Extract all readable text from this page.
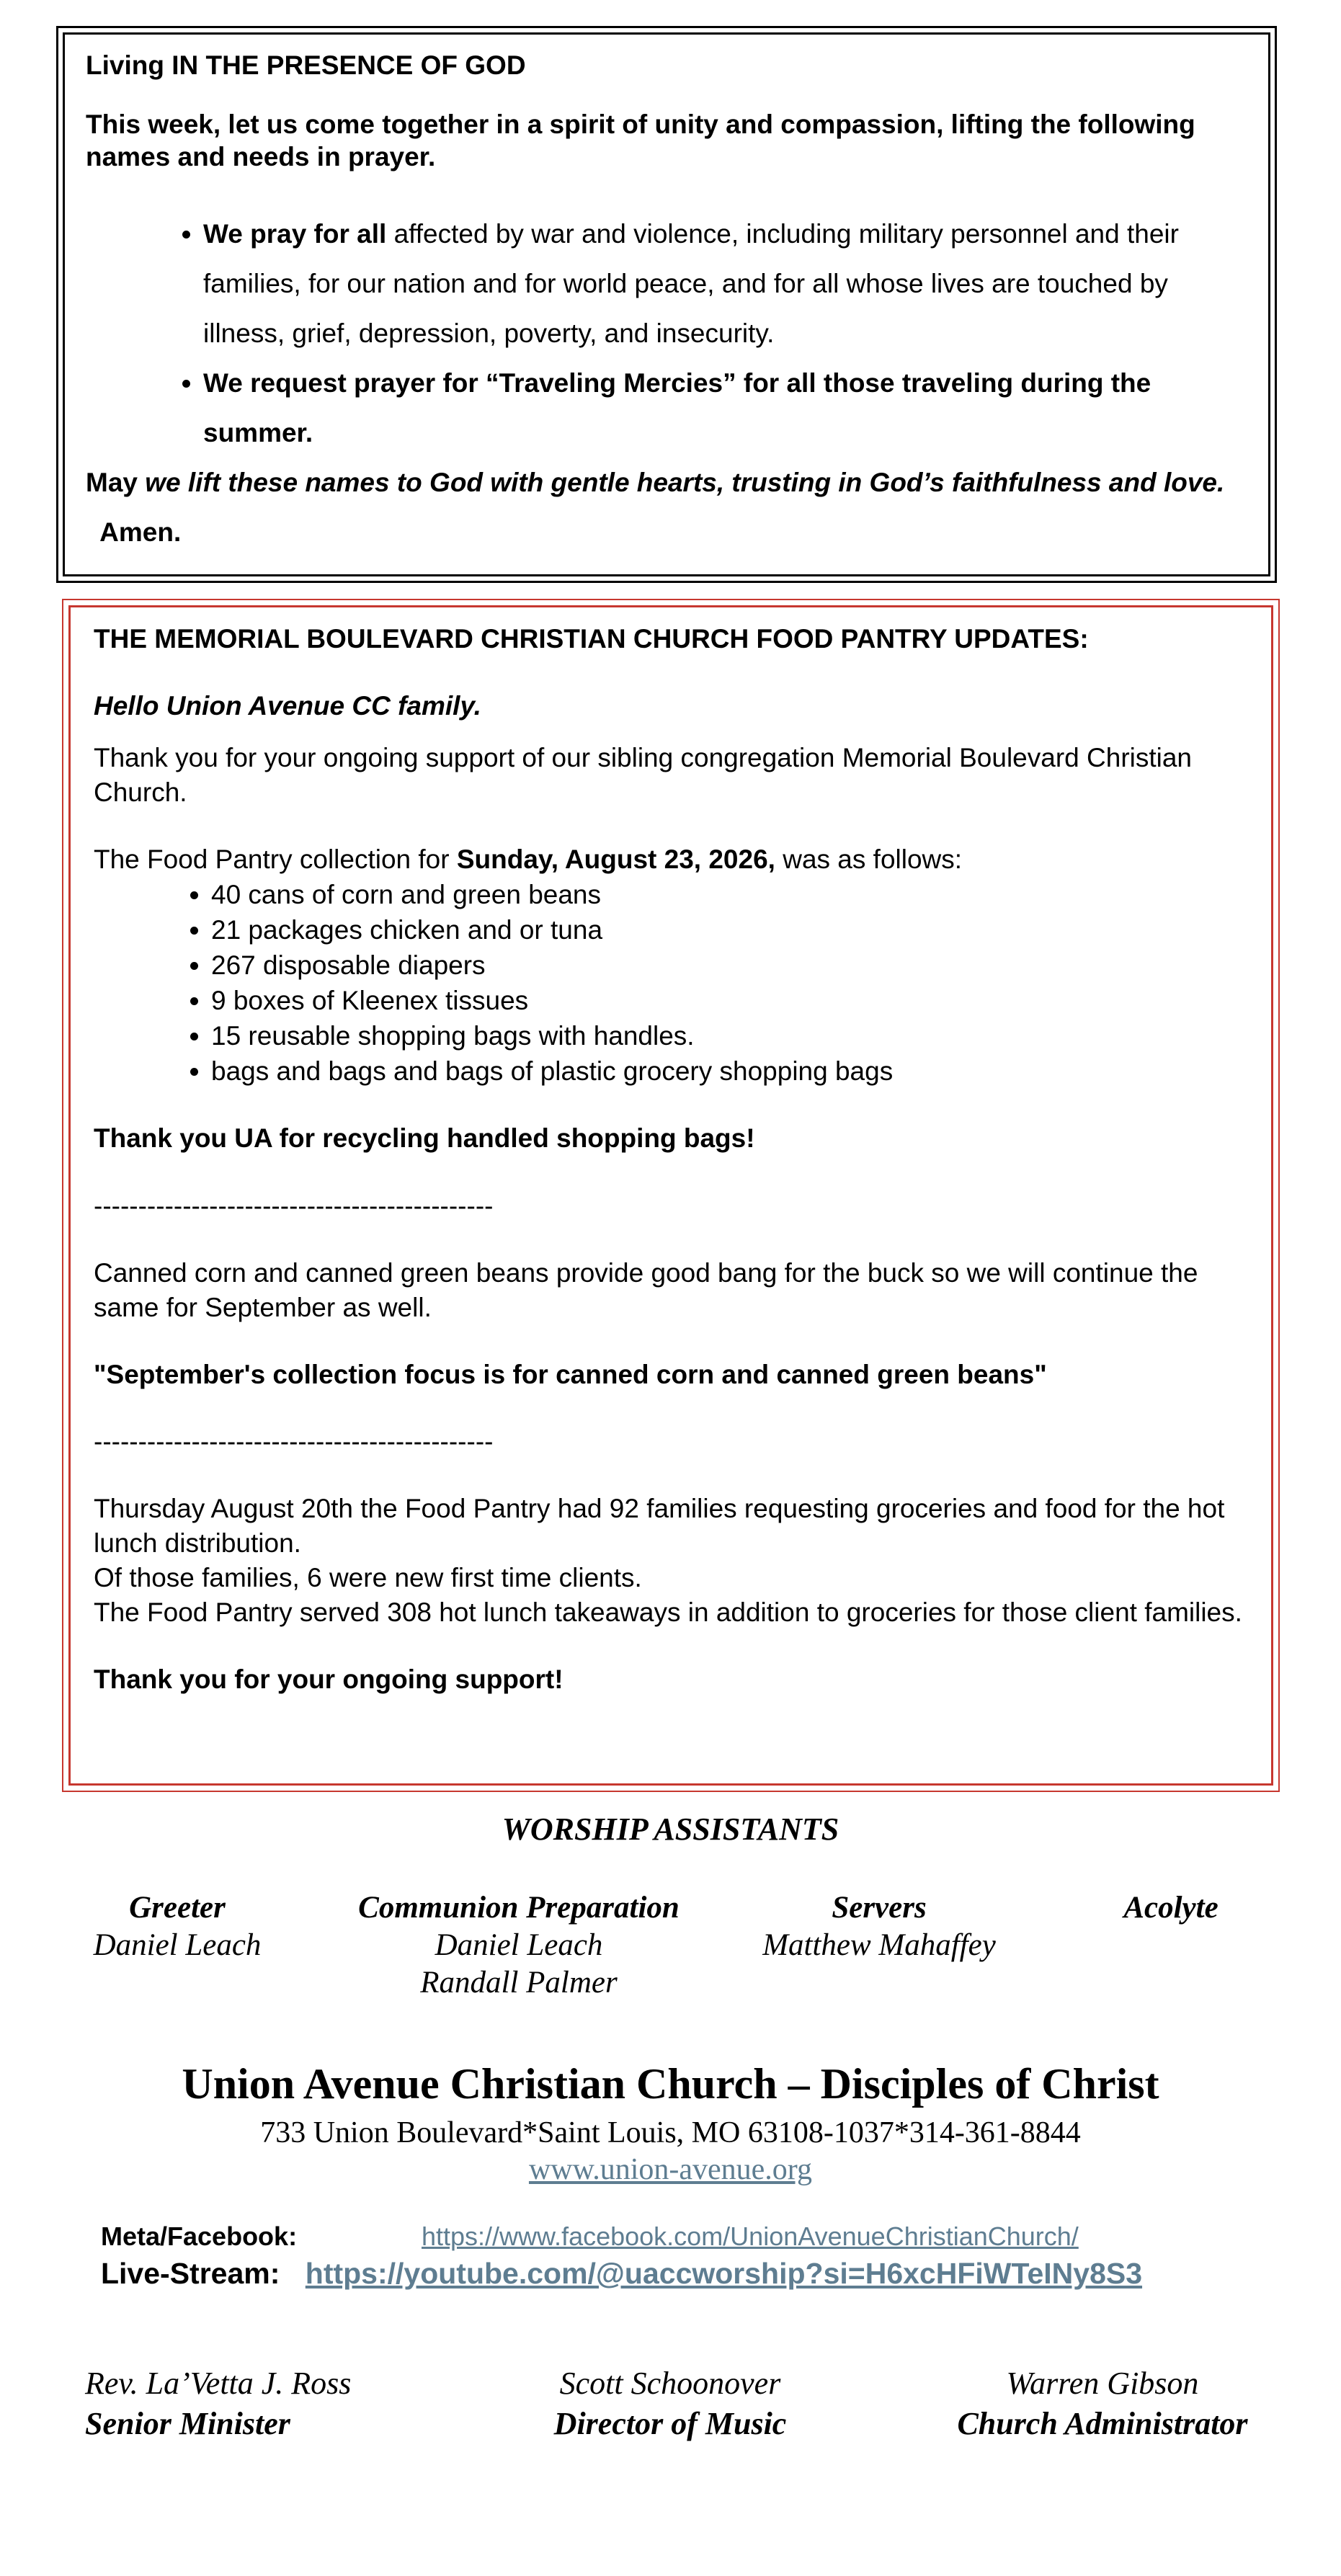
Living IN THE PRESENCE OF GOD
This week, let us come together in a spirit of unity and compassion, lifting the following names and needs in prayer.
• We pray for all affected by war and violence, including military personnel and their families, for our nation and for world peace, and for all whose lives are touched by illness, grief, depression, poverty, and insecurity.
• We request prayer for “Traveling Mercies” for all those traveling during the summer.
May we lift these names to God with gentle hearts, trusting in God’s faithfulness and love.  Amen.

THE MEMORIAL BOULEVARD CHRISTIAN CHURCH FOOD PANTRY UPDATES:

Hello Union Avenue CC family.

Thank you for your ongoing support of our sibling congregation Memorial Boulevard Christian Church.

The Food Pantry collection for Sunday, August 23, 2026, was as follows:

• 40 cans of corn and green beans
• 21 packages chicken and or tuna
• 267 disposable diapers
• 9 boxes of Kleenex tissues
• 15 reusable shopping bags with handles.
• bags and bags and bags of plastic grocery shopping bags

Thank you UA for recycling handled shopping bags!

---------------------------------------------

Canned corn and canned green beans provide good bang for the buck so we will continue the same for September as well.

"September's collection focus is for canned corn and canned green beans"

---------------------------------------------

Thursday August 20th the Food Pantry had 92 families requesting groceries and food for the hot lunch distribution.

Of those families, 6 were new first time clients.

The Food Pantry served 308 hot lunch takeaways in addition to groceries for those client families.

Thank you for your ongoing support!

WORSHIP ASSISTANTS
Greeter
Daniel Leach
Communion Preparation
Daniel Leach
Randall Palmer
Servers
Matthew Mahaffey
Acolyte
Union Avenue Christian Church – Disciples of Christ
733 Union Boulevard*Saint Louis, MO 63108-1037*314-361-8844
www.union-avenue.org
Meta/Facebook:	https://www.facebook.com/UnionAvenueChristianChurch/
Live-Stream: https://youtube.com/@uaccworship?si=H6xcHFiWTeINy8S3
Rev. La’Vetta J. Ross
Senior Minister
Scott Schoonover
Director of Music
Warren Gibson
Church Administrator
